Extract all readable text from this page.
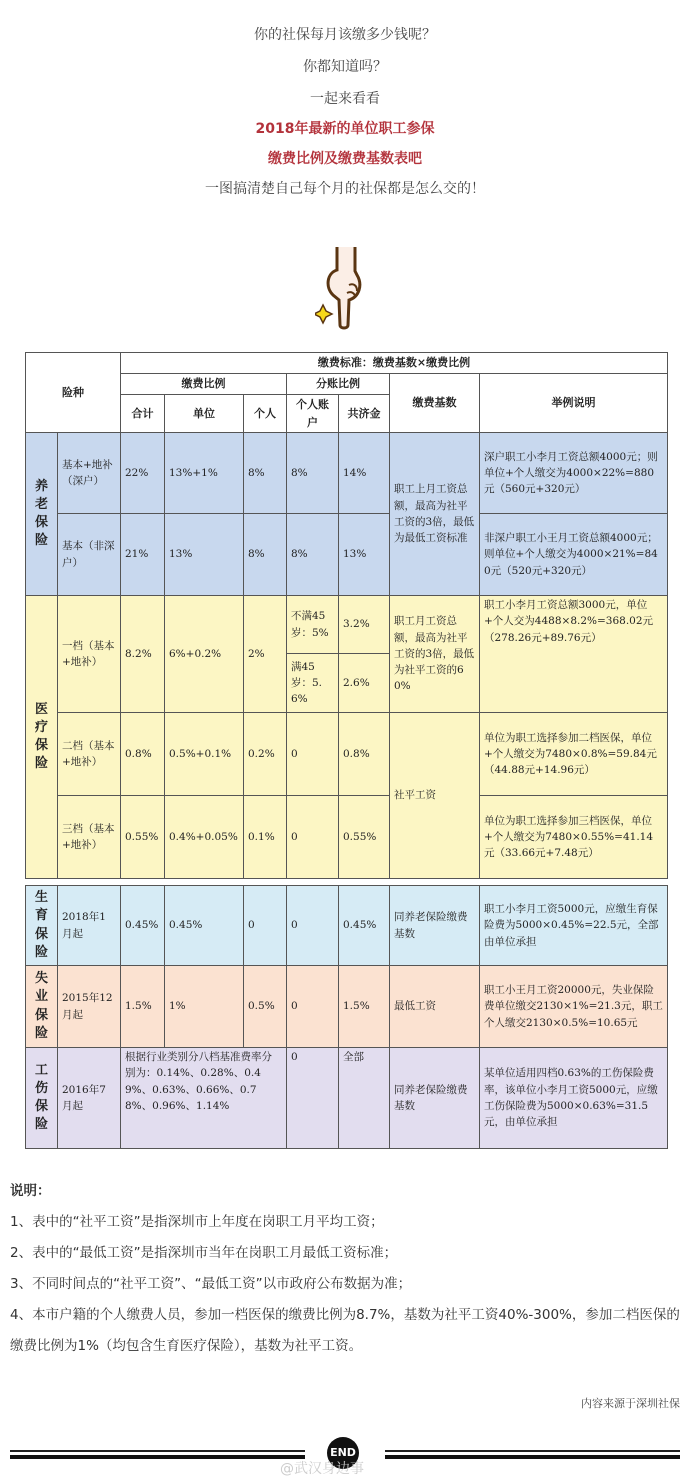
你的社保每月该缴多少钱呢？
你都知道吗？
一起来看看
2018年最新的单位职工参保
缴费比例及缴费基数表吧
一图搞清楚自己每个月的社保都是怎么交的！
险种		缴费标准：缴费基数×缴费比例						
		缴费比例			分账比例		缴费基数	举例说明
		合计	单位	个人	个人账户	共济金		
养老保险	基本+地补（深户）	22%	13%+1%	8%	8%	14%	职工上月工资总额，最高为社平工资的3倍，最低为最低工资标准	深户职工小李月工资总额4000元；则单位+个人缴交为4000×22%=880元（560元+320元）
	基本（非深户）	21%	13%	8%	8%	13%		非深户职工小王月工资总额4000元；则单位+个人缴交为4000×21%=840元（520元+320元）
医疗保险	一档（基本+地补）	8.2%	6%+0.2%	2%	不满45岁：5%	3.2%	职工月工资总额，最高为社平工资的3倍，最低为社平工资的60%	职工小李月工资总额3000元，单位+个人交为4488×8.2%=368.02元（278.26元+89.76元）
					满45岁：5.6%	2.6%		
	二档（基本+地补）	0.8%	0.5%+0.1%	0.2%	0	0.8%	社平工资	单位为职工选择参加二档医保，单位+个人缴交为7480×0.8%=59.84元（44.88元+14.96元）
	三档（基本+地补）	0.55%	0.4%+0.05%	0.1%	0	0.55%		单位为职工选择参加三档医保，单位+个人缴交为7480×0.55%=41.14元（33.66元+7.48元）

生育保险	2018年1月起	0.45%	0.45%	0	0	0.45%	同养老保险缴费基数	职工小李月工资5000元，应缴生育保险费为5000×0.45%=22.5元，全部由单位承担
失业保险	2015年12月起	1.5%	1%	0.5%	0	1.5%	最低工资	职工小王月工资20000元，失业保险费单位缴交2130×1%=21.3元，职工个人缴交2130×0.5%=10.65元
工伤保险	2016年7月起	根据行业类别分八档基准费率分别为：0.14%、0.28%、0.49%、0.63%、0.66%、0.78%、0.96%、1.14%			0	全部	同养老保险缴费基数	某单位适用四档0.63%的工伤保险费率，该单位小李月工资5000元，应缴工伤保险费为5000×0.63%=31.5元，由单位承担
说明：
1、表中的“社平工资”是指深圳市上年度在岗职工月平均工资；
2、表中的“最低工资”是指深圳市当年在岗职工月最低工资标准；
3、不同时间点的“社平工资”、“最低工资”以市政府公布数据为准；
4、本市户籍的个人缴费人员，参加一档医保的缴费比例为8.7%，基数为社平工资40%-300%，参加二档医保的缴费比例为1%（均包含生育医疗保险），基数为社平工资。
内容来源于深圳社保
END
@武汉身边事
